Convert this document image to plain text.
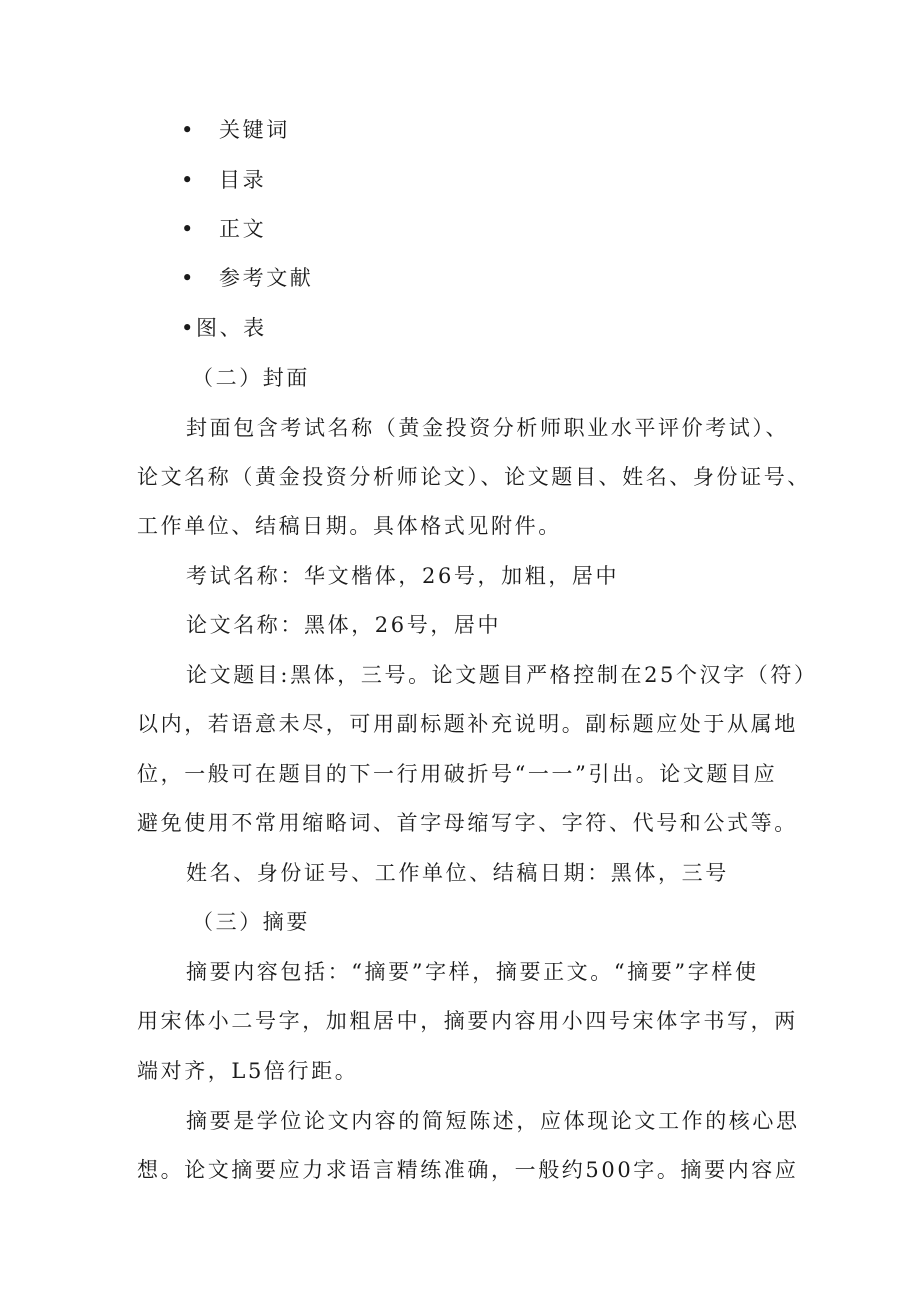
• 关键词
• 目录
• 正文
• 参考文献
•图、表
（二）封面
封面包含考试名称（黄金投资分析师职业水平评价考试）、
论文名称（黄金投资分析师论文）、论文题目、姓名、身份证号、
工作单位、结稿日期。具体格式见附件。
考试名称：华文楷体，26号，加粗，居中
论文名称：黑体，26号，居中
论文题目:黑体，三号。论文题目严格控制在25个汉字（符）
以内，若语意未尽，可用副标题补充说明。副标题应处于从属地
位，一般可在题目的下一行用破折号“一一”引出。论文题目应
避免使用不常用缩略词、首字母缩写字、字符、代号和公式等。
姓名、身份证号、工作单位、结稿日期：黑体，三号
（三）摘要
摘要内容包括：“摘要”字样，摘要正文。“摘要”字样使
用宋体小二号字，加粗居中，摘要内容用小四号宋体字书写，两
端对齐，L5倍行距。
摘要是学位论文内容的简短陈述，应体现论文工作的核心思
想。论文摘要应力求语言精练准确，一般约500字。摘要内容应
